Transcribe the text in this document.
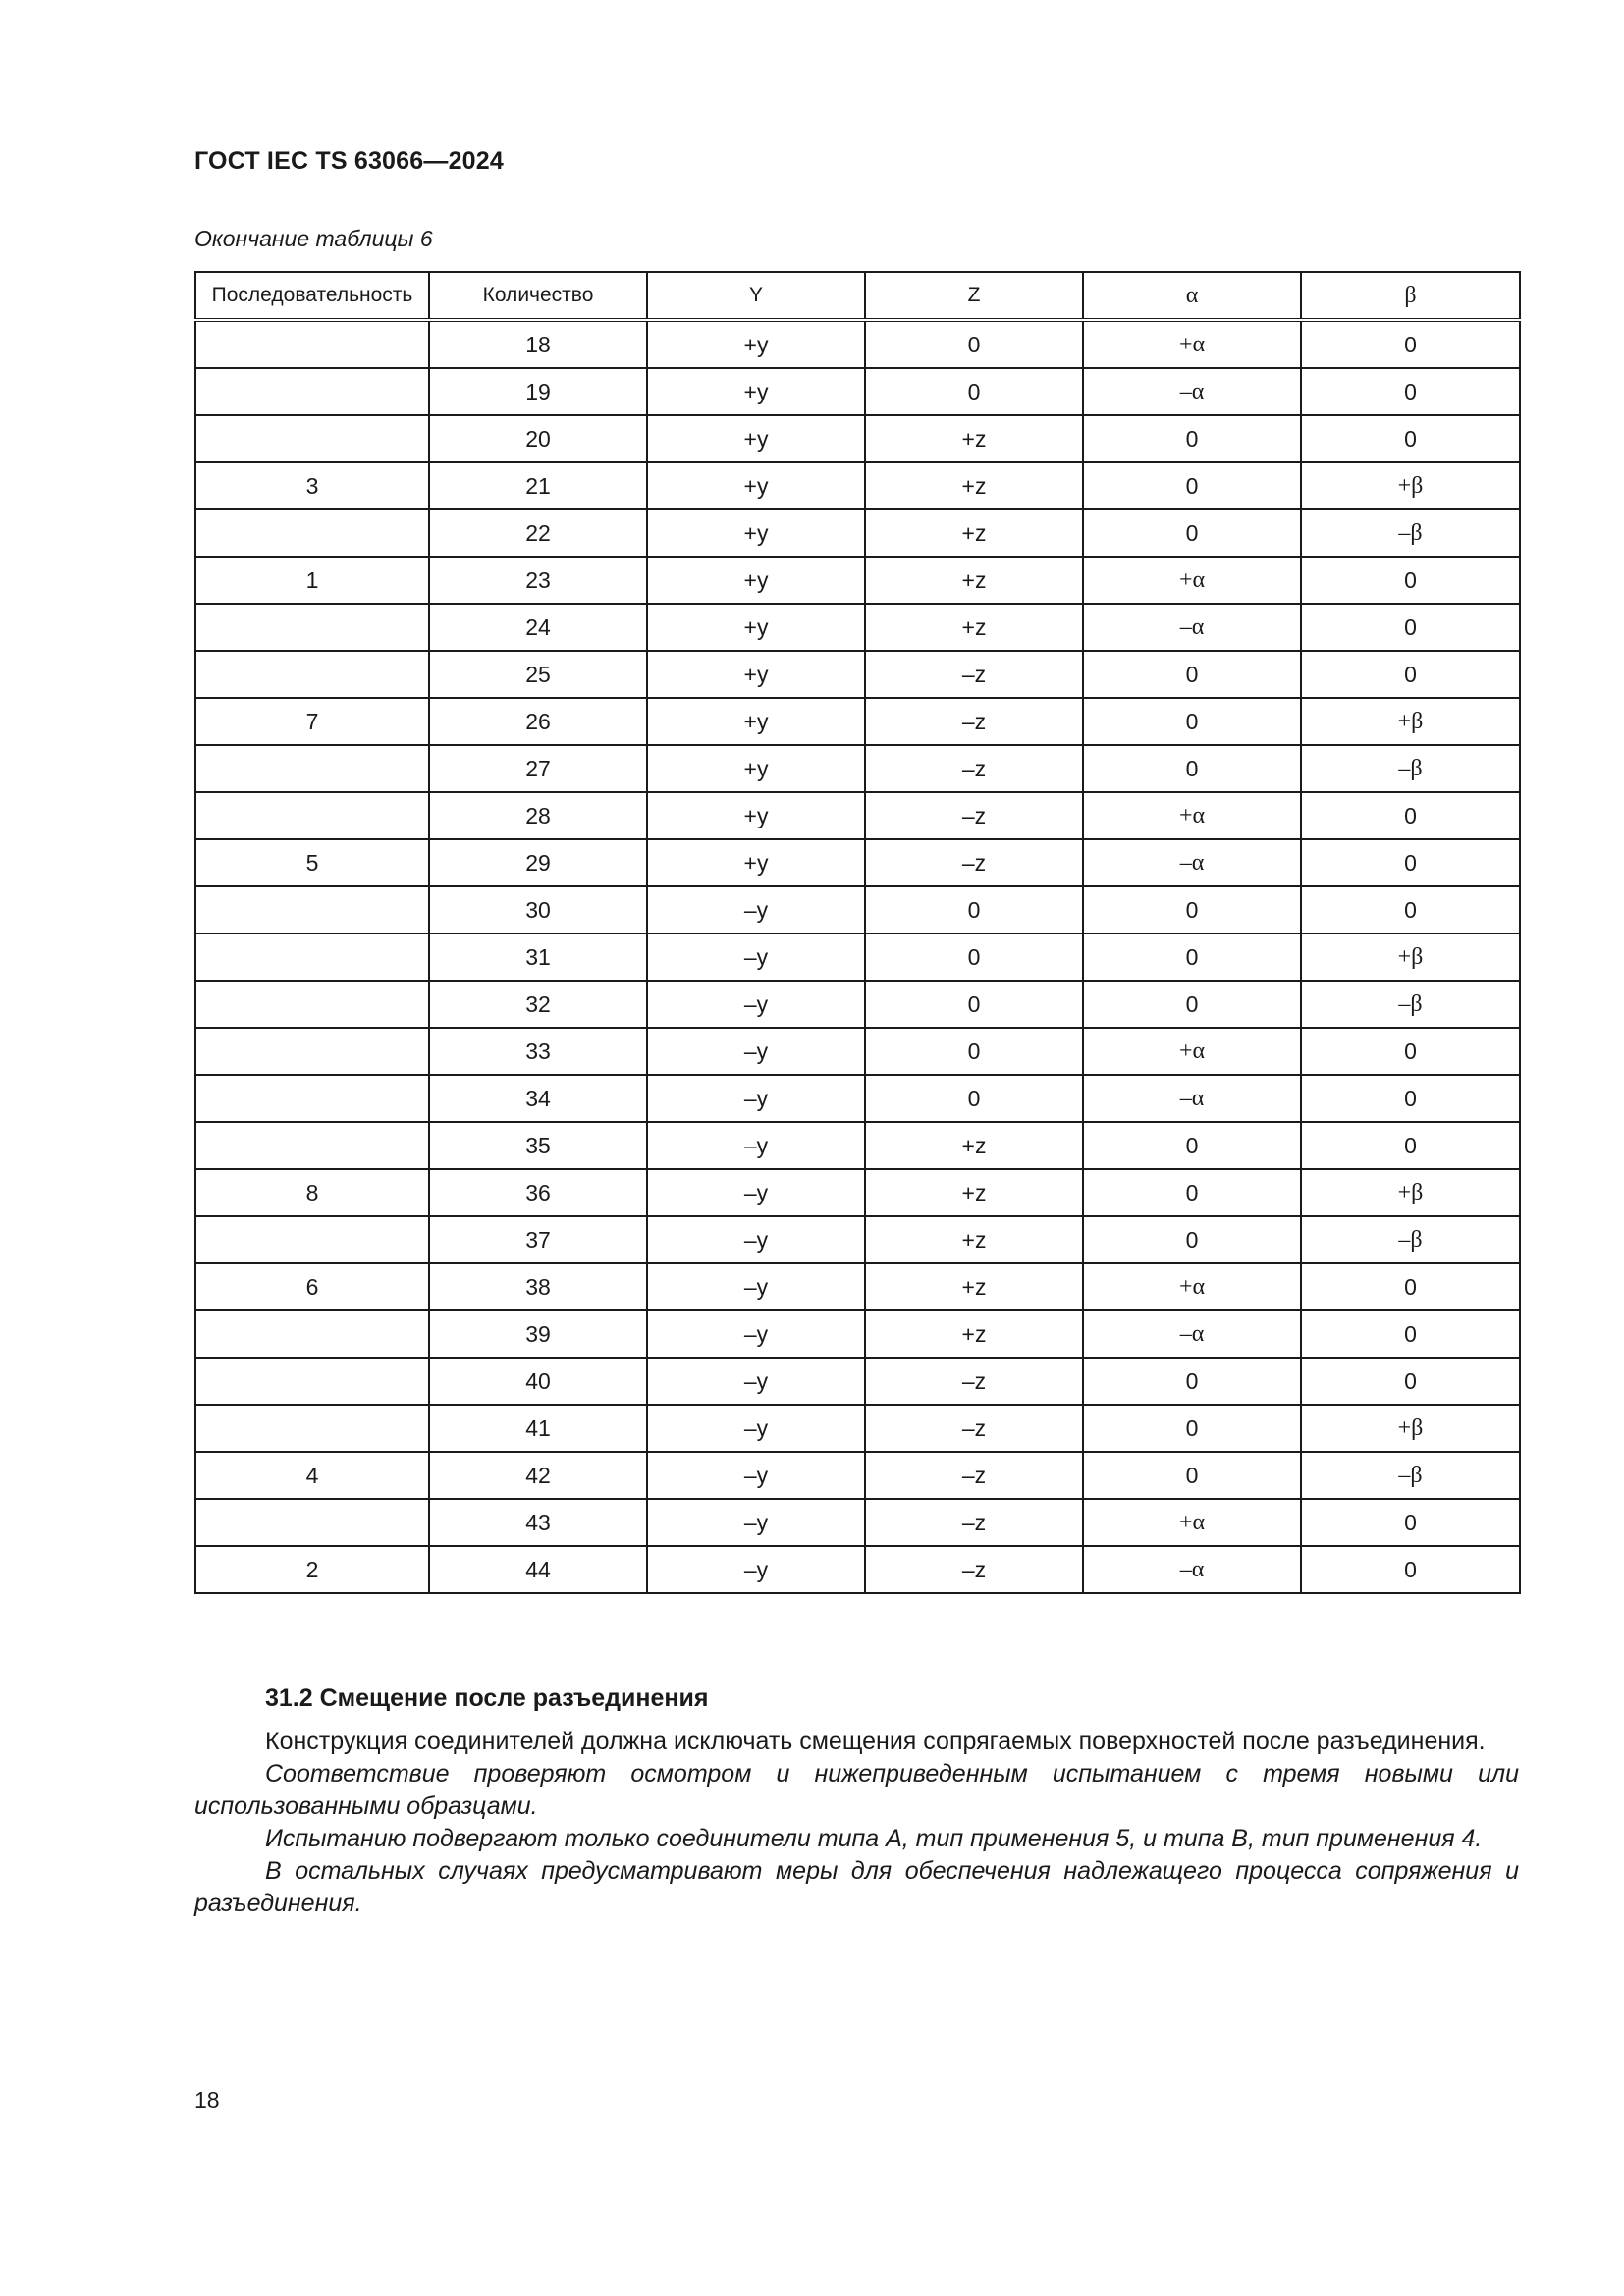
ГОСТ IEC TS 63066—2024
Окончание таблицы 6
Последовательность	Количество	Y	Z	α	β
	18	+y	0	+α	0
	19	+y	0	–α	0
	20	+y	+z	0	0
3	21	+y	+z	0	+β
	22	+y	+z	0	–β
1	23	+y	+z	+α	0
	24	+y	+z	–α	0
	25	+y	–z	0	0
7	26	+y	–z	0	+β
	27	+y	–z	0	–β
	28	+y	–z	+α	0
5	29	+y	–z	–α	0
	30	–y	0	0	0
	31	–y	0	0	+β
	32	–y	0	0	–β
	33	–y	0	+α	0
	34	–y	0	–α	0
	35	–y	+z	0	0
8	36	–y	+z	0	+β
	37	–y	+z	0	–β
6	38	–y	+z	+α	0
	39	–y	+z	–α	0
	40	–y	–z	0	0
	41	–y	–z	0	+β
4	42	–y	–z	0	–β
	43	–y	–z	+α	0
2	44	–y	–z	–α	0
31.2 Смещение после разъединения

Конструкция соединителей должна исключать смещения сопрягаемых поверхностей после разъединения.

Соответствие проверяют осмотром и нижеприведенным испытанием с тремя новыми или использованными образцами.

Испытанию подвергают только соединители типа А, тип применения 5, и типа В, тип применения 4.

В остальных случаях предусматривают меры для обеспечения надлежащего процесса сопряжения и разъединения.

18
